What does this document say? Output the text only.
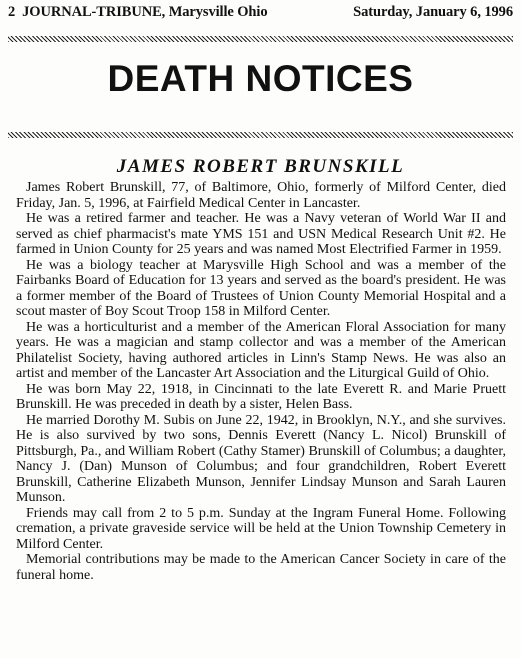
2 JOURNAL-TRIBUNE, Marysville Ohio	Saturday, January 6, 1996
DEATH NOTICES
JAMES ROBERT BRUNSKILL

James Robert Brunskill, 77, of Baltimore, Ohio, formerly of Milford Center, died Friday, Jan. 5, 1996, at Fairfield Medical Center in Lancaster.

He was a retired farmer and teacher. He was a Navy veteran of World War II and served as chief pharmacist's mate YMS 151 and USN Medical Research Unit #2. He farmed in Union County for 25 years and was named Most Electrified Farmer in 1959.

He was a biology teacher at Marysville High School and was a member of the Fairbanks Board of Education for 13 years and served as the board's president. He was a former member of the Board of Trustees of Union County Memorial Hospital and a scout master of Boy Scout Troop 158 in Milford Center.

He was a horticulturist and a member of the American Floral Association for many years. He was a magician and stamp collector and was a member of the American Philatelist Society, having authored articles in Linn's Stamp News. He was also an artist and member of the Lancaster Art Association and the Liturgical Guild of Ohio.

He was born May 22, 1918, in Cincinnati to the late Everett R. and Marie Pruett Brunskill. He was preceded in death by a sister, Helen Bass.

He married Dorothy M. Subis on June 22, 1942, in Brooklyn, N.Y., and she survives. He is also survived by two sons, Dennis Everett (Nancy L. Nicol) Brunskill of Pittsburgh, Pa., and William Robert (Cathy Stamer) Brunskill of Columbus; a daughter, Nancy J. (Dan) Munson of Columbus; and four grandchildren, Robert Everett Brunskill, Catherine Elizabeth Munson, Jennifer Lindsay Munson and Sarah Lauren Munson.

Friends may call from 2 to 5 p.m. Sunday at the Ingram Funeral Home. Following cremation, a private graveside service will be held at the Union Township Cemetery in Milford Center.

Memorial contributions may be made to the American Cancer Society in care of the funeral home.
